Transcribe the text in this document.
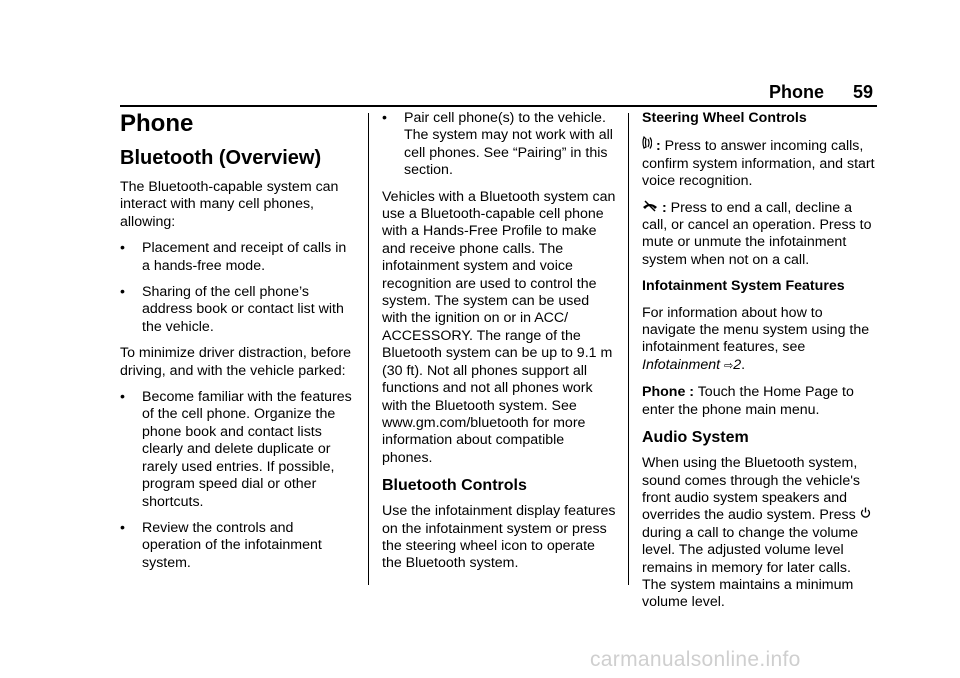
Phone 59
Phone
Bluetooth (Overview)

The Bluetooth-capable system can interact with many cell phones, allowing:

• Placement and receipt of calls in a hands-free mode.
• Sharing of the cell phone’s address book or contact list with the vehicle.

To minimize driver distraction, before driving, and with the vehicle parked:

• Become familiar with the features of the cell phone. Organize the phone book and contact lists clearly and delete duplicate or rarely used entries. If possible, program speed dial or other shortcuts.
• Review the controls and operation of the infotainment system.
• Pair cell phone(s) to the vehicle. The system may not work with all cell phones. See “Pairing” in this section.

Vehicles with a Bluetooth system can use a Bluetooth-capable cell phone with a Hands-Free Profile to make and receive phone calls. The infotainment system and voice recognition are used to control the system. The system can be used with the ignition on or in ACC/ ACCESSORY. The range of the Bluetooth system can be up to 9.1 m (30 ft). Not all phones support all functions and not all phones work with the Bluetooth system. See www.gm.com/bluetooth for more information about compatible phones.

Bluetooth Controls

Use the infotainment display features on the infotainment system or press the steering wheel icon to operate the Bluetooth system.

Steering Wheel Controls

: Press to answer incoming calls, confirm system information, and start voice recognition.

: Press to end a call, decline a call, or cancel an operation. Press to mute or unmute the infotainment system when not on a call.

Infotainment System Features

For information about how to navigate the menu system using the infotainment features, see Infotainment ⇨2.

Phone : Touch the Home Page to enter the phone main menu.

Audio System

When using the Bluetooth system, sound comes through the vehicle's front audio system speakers and overrides the audio system. Press  during a call to change the volume level. The adjusted volume level remains in memory for later calls. The system maintains a minimum volume level.

carmanualsonline.info
